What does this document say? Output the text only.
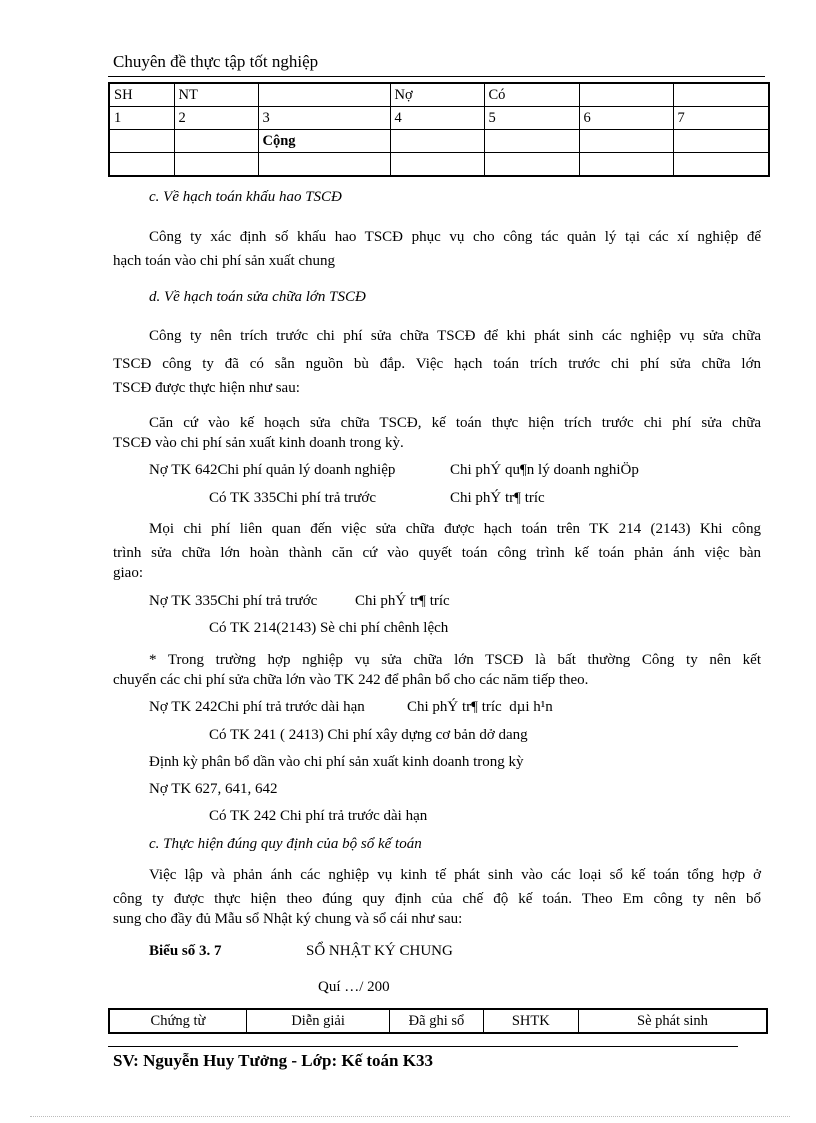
Chuyên đề thực tập tốt nghiệp
SH	NT		Nợ	Có		
1	2	3	4	5	6	7
		Cộng				

c. Về hạch toán khấu hao TSCĐ
Công ty xác định số khấu hao TSCĐ phục vụ cho công tác quản lý tại các xí nghiệp để
hạch toán vào chi phí sản xuất chung
d. Về hạch toán sửa chữa lớn TSCĐ
Công ty nên trích trước chi phí sửa chữa TSCĐ để khi phát sinh các nghiệp vụ sửa chữa
TSCĐ công ty đã có sẵn nguồn bù đắp. Việc hạch toán trích trước chi phí sửa chữa lớn
TSCĐ được thực hiện như sau:
Căn cứ vào kế hoạch sửa chữa TSCĐ, kế toán thực hiện trích trước chi phí sửa chữa
TSCĐ vào chi phí sản xuất kinh doanh trong kỳ.
Nợ TK 642Chi phí quản lý doanh nghiệp	Chi phÝ qu¶n lý doanh nghiÖp
Có TK 335Chi phí trả trước	Chi phÝ tr¶ tríc
Mọi chi phí liên quan đến việc sửa chữa được hạch toán trên TK 214 (2143) Khi công
trình sửa chữa lớn hoàn thành căn cứ vào quyết toán công trình kế toán phản ánh việc bàn
giao:
Nợ TK 335Chi phí trả trước	Chi phÝ tr¶ tríc
Có TK 214(2143) Sè chi phí chênh lệch
* Trong trường hợp nghiệp vụ sửa chữa lớn TSCĐ là bất thường Công ty nên kết
chuyển các chi phí sửa chữa lớn vào TK 242 để phân bổ cho các năm tiếp theo.
Nợ TK 242Chi phí trả trước dài hạn	Chi phÝ tr¶ tríc  dµi h¹n
Có TK 241 ( 2413) Chi phí xây dựng cơ bản dở dang
Định kỳ phân bổ dần vào chi phí sản xuất kinh doanh trong kỳ
Nợ TK 627, 641, 642
Có TK 242 Chi phí trả trước dài hạn
c. Thực hiện đúng quy định của bộ sổ kế toán
Việc lập và phản ánh các nghiệp vụ kinh tế phát sinh vào các loại sổ kế toán tổng hợp ở
công ty được thực hiện theo đúng quy định của chế độ kế toán. Theo Em công ty nên bổ
sung cho đầy đủ Mẫu sổ Nhật ký chung và sổ cái như sau:
Biểu số 3. 7	SỔ NHẬT KÝ CHUNG
Quí …/ 200
Chứng từ	Diễn giải	Đã ghi sổ	SHTK	Sè phát sinh
SV: Nguyễn Huy Tưởng - Lớp: Kế toán K33
